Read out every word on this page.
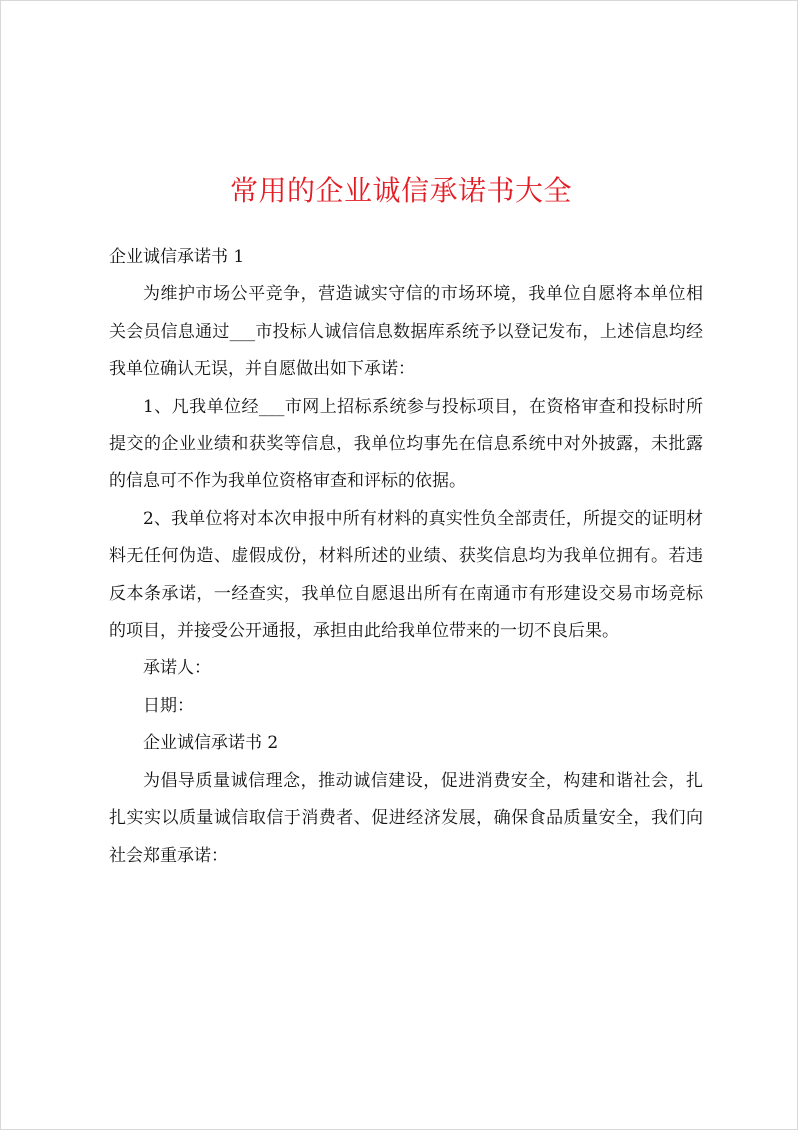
常用的企业诚信承诺书大全

企业诚信承诺书 1

为维护市场公平竞争，营造诚实守信的市场环境，我单位自愿将本单位相关会员信息通过___市投标人诚信信息数据库系统予以登记发布，上述信息均经我单位确认无误，并自愿做出如下承诺：

1、凡我单位经___市网上招标系统参与投标项目，在资格审查和投标时所提交的企业业绩和获奖等信息，我单位均事先在信息系统中对外披露，未批露的信息可不作为我单位资格审查和评标的依据。

2、我单位将对本次申报中所有材料的真实性负全部责任，所提交的证明材料无任何伪造、虚假成份，材料所述的业绩、获奖信息均为我单位拥有。若违反本条承诺，一经查实，我单位自愿退出所有在南通市有形建设交易市场竞标的项目，并接受公开通报，承担由此给我单位带来的一切不良后果。

承诺人：

日期：

企业诚信承诺书 2

为倡导质量诚信理念，推动诚信建设，促进消费安全，构建和谐社会，扎扎实实以质量诚信取信于消费者、促进经济发展，确保食品质量安全，我们向社会郑重承诺：
